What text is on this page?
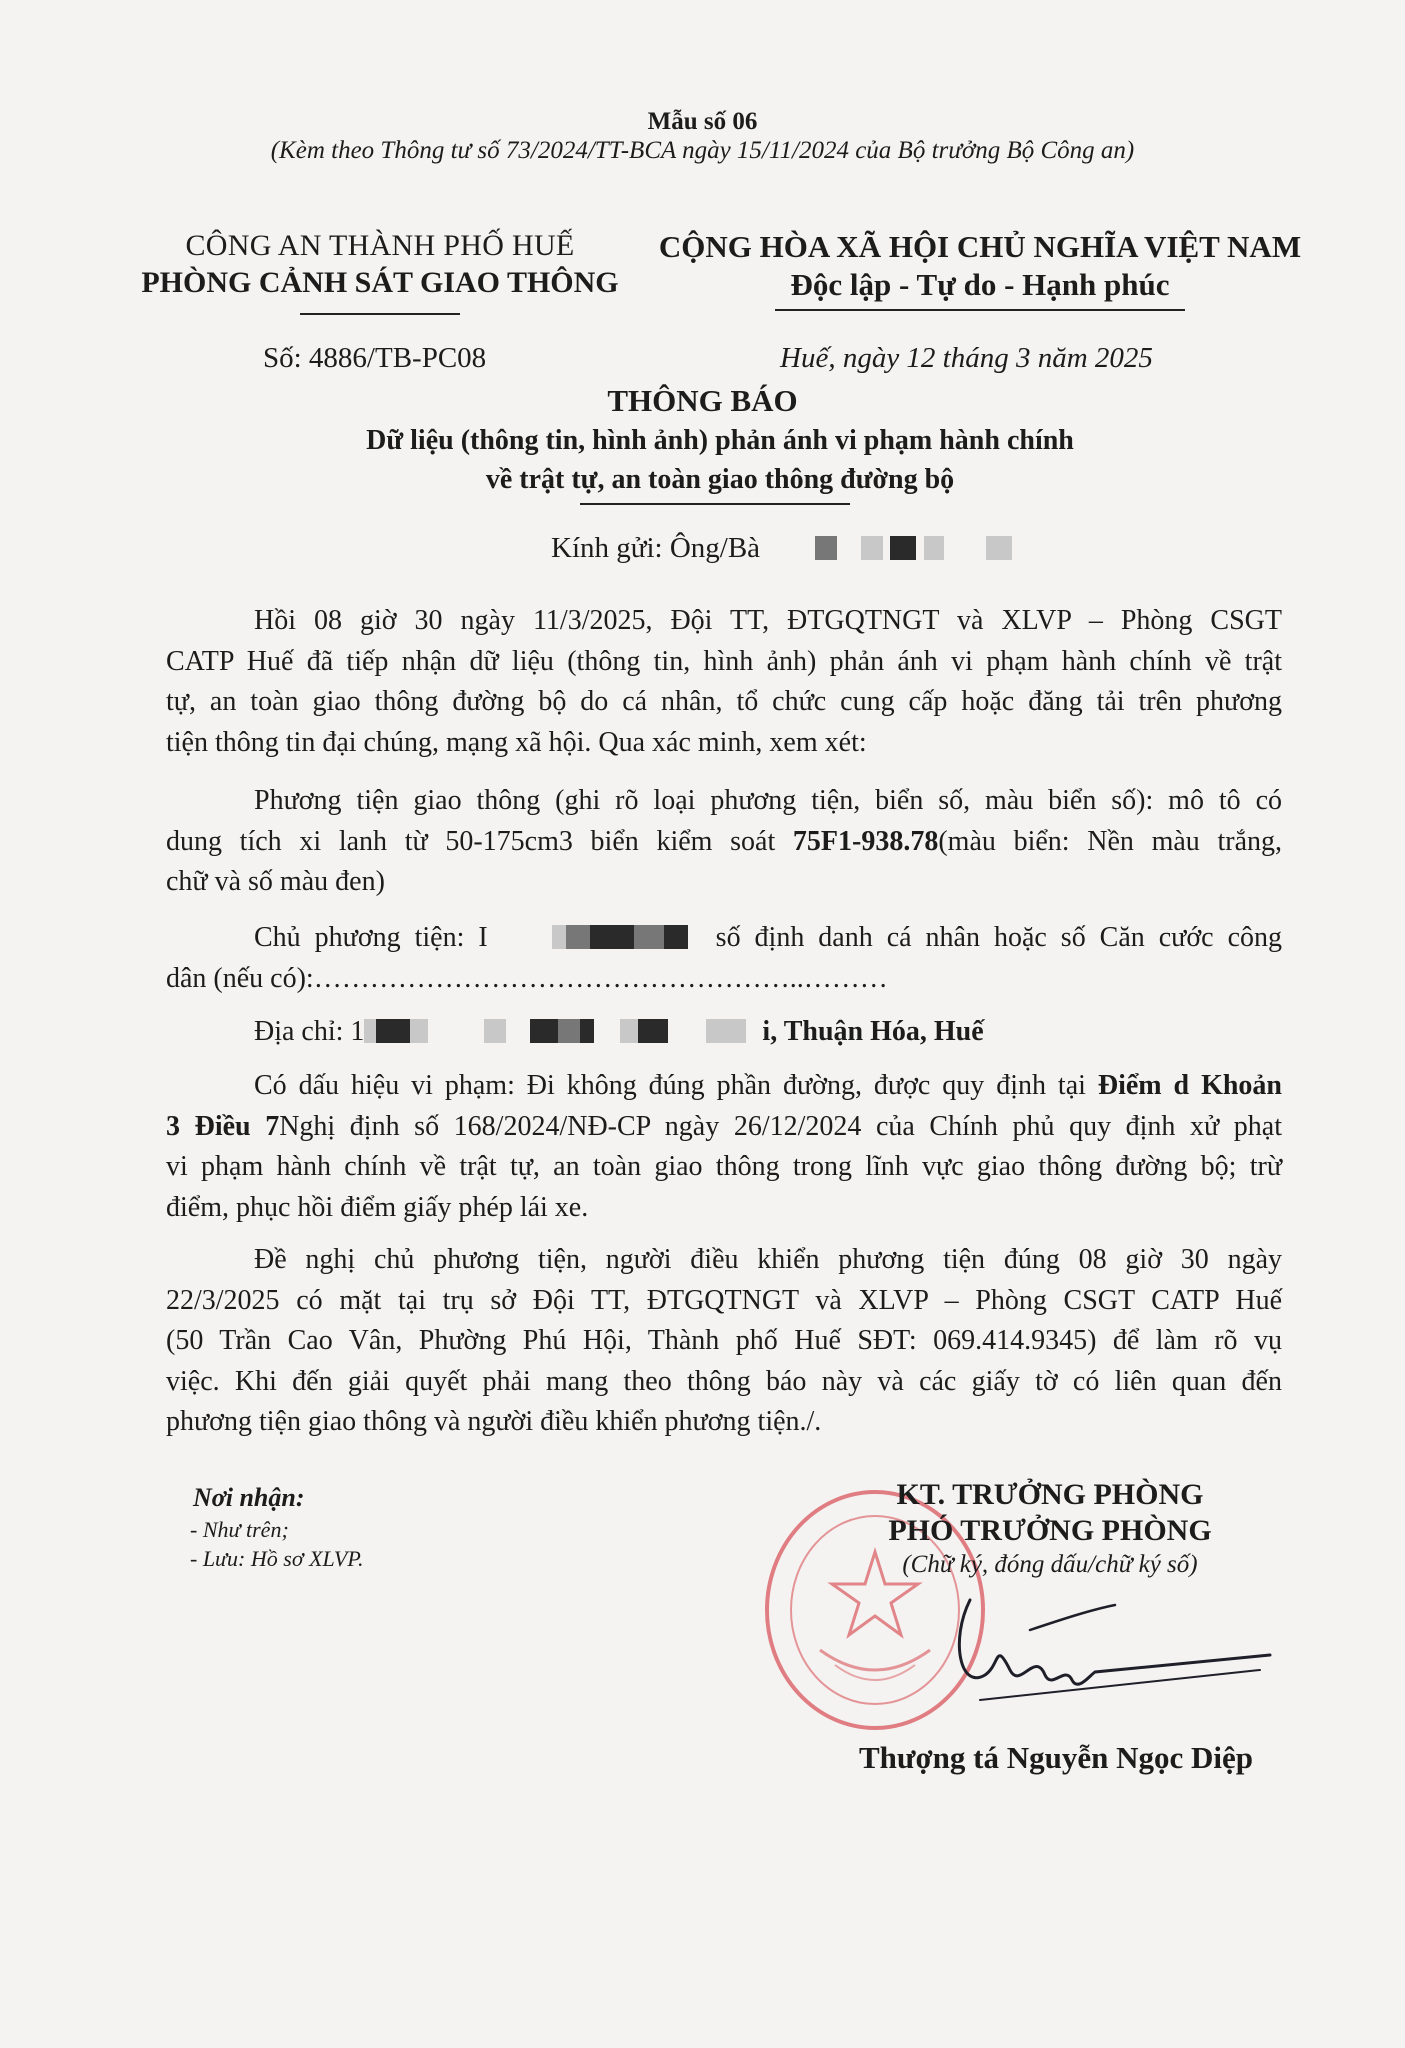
Mẫu số 06
(Kèm theo Thông tư số 73/2024/TT-BCA ngày 15/11/2024 của Bộ trưởng Bộ Công an)
CÔNG AN THÀNH PHỐ HUẾ
PHÒNG CẢNH SÁT GIAO THÔNG
CỘNG HÒA XÃ HỘI CHỦ NGHĨA VIỆT NAM
Độc lập - Tự do - Hạnh phúc
Số: 4886/TB-PC08	Huế, ngày 12 tháng 3 năm 2025
THÔNG BÁO
Dữ liệu (thông tin, hình ảnh) phản ánh vi phạm hành chính
về trật tự, an toàn giao thông đường bộ
Kính gửi: Ông/Bà
Hồi 08 giờ 30 ngày 11/3/2025, Đội TT, ĐTGQTNGT và XLVP – Phòng CSGT
CATP Huế đã tiếp nhận dữ liệu (thông tin, hình ảnh) phản ánh vi phạm hành chính về trật
tự, an toàn giao thông đường bộ do cá nhân, tổ chức cung cấp hoặc đăng tải trên phương
tiện thông tin đại chúng, mạng xã hội. Qua xác minh, xem xét:
Phương tiện giao thông (ghi rõ loại phương tiện, biển số, màu biển số): mô tô có
dung tích xi lanh từ 50-175cm3 biển kiểm soát 75F1-938.78(màu biển: Nền màu trắng,
chữ và số màu đen)
Chủ phương tiện: I	số định danh cá nhân hoặc số Căn cước công
dân (nếu có):……………………………………………..………
Địa chỉ: 1	i, Thuận Hóa, Huế
Có dấu hiệu vi phạm: Đi không đúng phần đường, được quy định tại Điểm d Khoản
3 Điều 7Nghị định số 168/2024/NĐ-CP ngày 26/12/2024 của Chính phủ quy định xử phạt
vi phạm hành chính về trật tự, an toàn giao thông trong lĩnh vực giao thông đường bộ; trừ
điểm, phục hồi điểm giấy phép lái xe.
Đề nghị chủ phương tiện, người điều khiển phương tiện đúng 08 giờ 30 ngày
22/3/2025 có mặt tại trụ sở Đội TT, ĐTGQTNGT và XLVP – Phòng CSGT CATP Huế
(50 Trần Cao Vân, Phường Phú Hội, Thành phố Huế SĐT: 069.414.9345) để làm rõ vụ
việc. Khi đến giải quyết phải mang theo thông báo này và các giấy tờ có liên quan đến
phương tiện giao thông và người điều khiển phương tiện./.
Nơi nhận:
- Như trên;
- Lưu: Hồ sơ XLVP.
KT. TRƯỞNG PHÒNG
PHÓ TRƯỞNG PHÒNG
(Chữ ký, đóng dấu/chữ ký số)
Thượng tá Nguyễn Ngọc Diệp
